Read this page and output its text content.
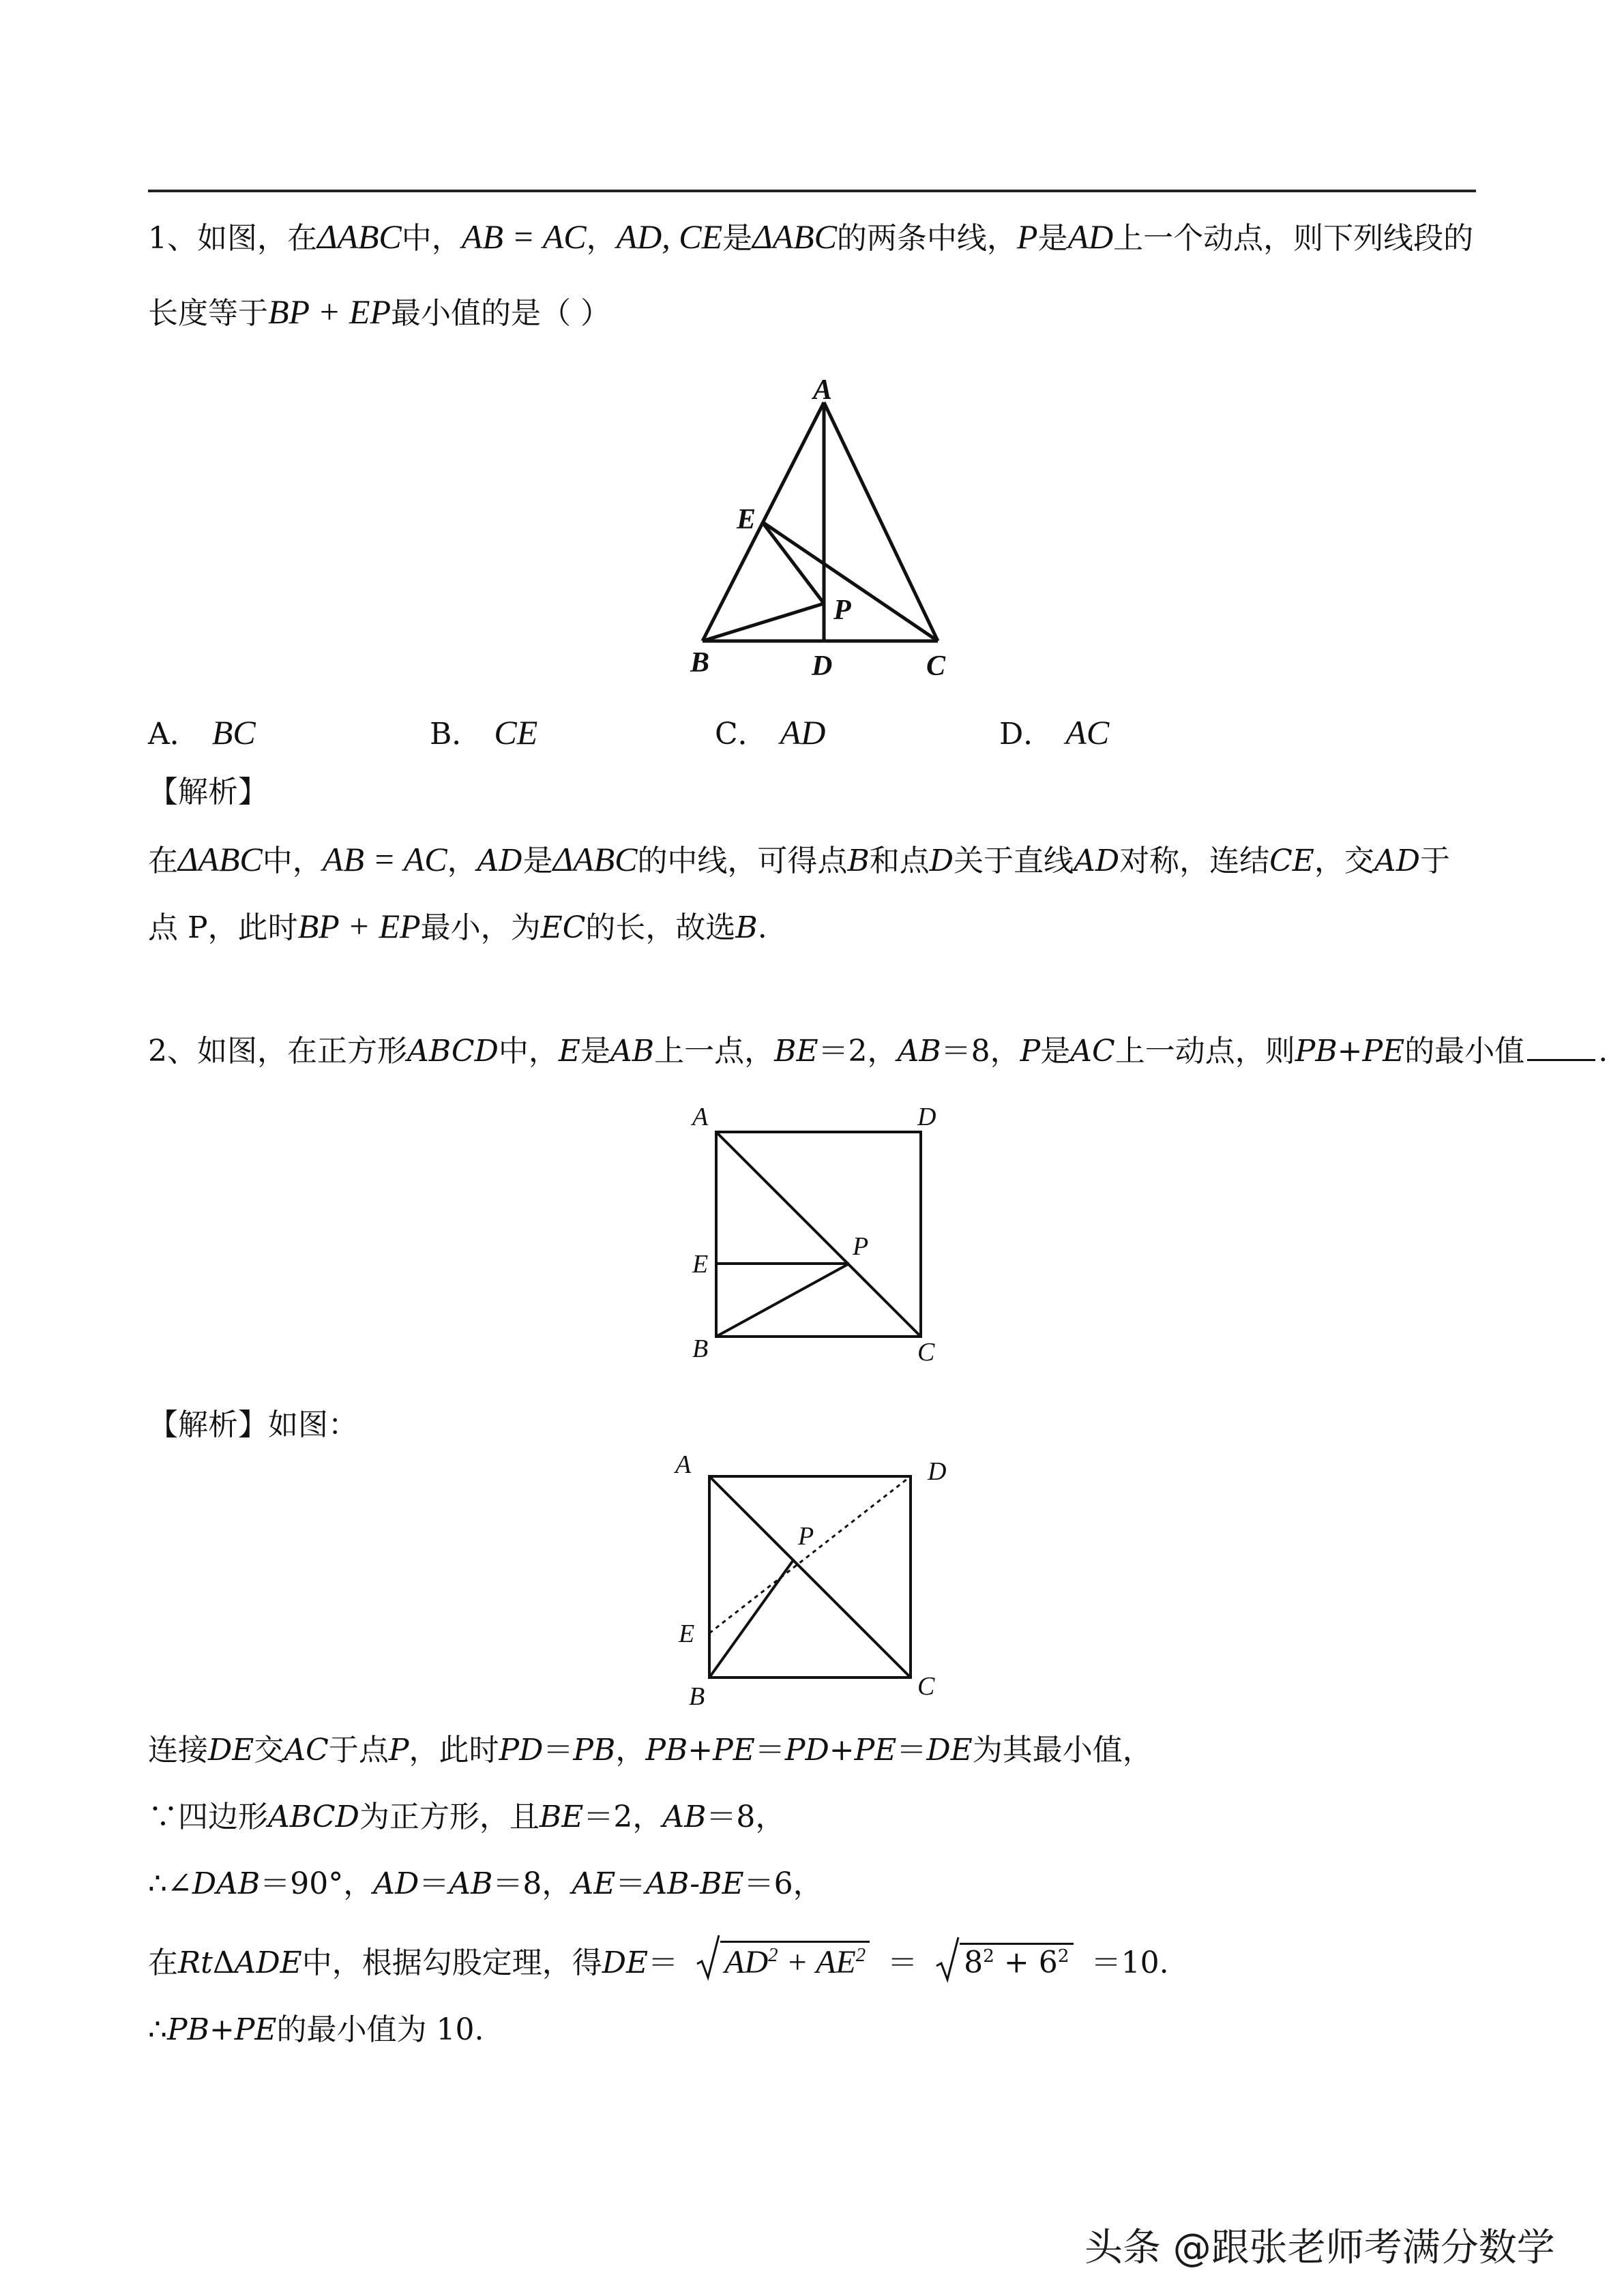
1、如图，在ΔABC中，AB = AC，AD, CE是ΔABC的两条中线，P是AD上一个动点，则下列线段的
长度等于BP + EP最小值的是（ ）
A
E
P
B	D	C
A． BC	B． CE	C． AD	D． AC
【解析】
在ΔABC中，AB = AC，AD是ΔABC的中线，可得点B和点D关于直线AD对称，连结CE，交AD于
点 P，此时BP + EP最小，为EC的长，故选B.
2、如图，在正方形ABCD中，E是AB上一点，BE＝2，AB＝8，P是AC上一动点，则PB+PE的最小值 .
A	D
E
P
B	C
【解析】如图：
A	D
P
E
B	C
连接DE交AC于点P，此时PD＝PB，PB+PE＝PD+PE＝DE为其最小值，
∵四边形ABCD为正方形，且BE＝2，AB＝8，
∴∠DAB＝90°，AD＝AB＝8，AE＝AB-BE＝6，
在RtΔADE中，根据勾股定理，得$DE= AD^2 + AE^2 = 8^2 + 6^2 =10$.
∴PB+PE的最小值为 10.
头条 @跟张老师考满分数学
